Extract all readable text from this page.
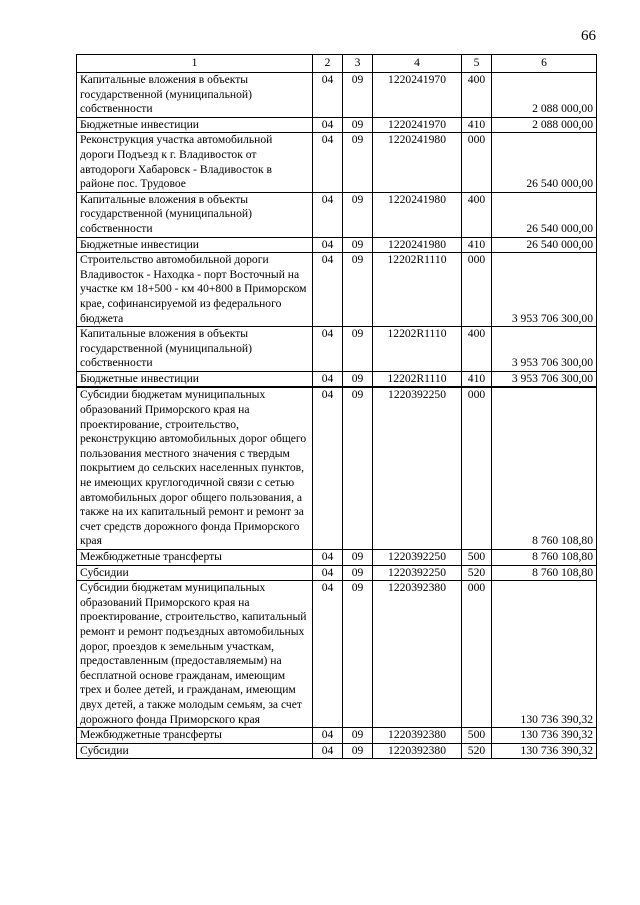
66
1	2	3	4	5	6
Капитальные вложения в объекты государственной (муниципальной) собственности	04	09	1220241970	400	2 088 000,00
Бюджетные инвестиции	04	09	1220241970	410	2 088 000,00
Реконструкция участка автомобильной дороги Подъезд к г. Владивосток от автодороги Хабаровск - Владивосток в районе пос. Трудовое	04	09	1220241980	000	26 540 000,00
Капитальные вложения в объекты государственной (муниципальной) собственности	04	09	1220241980	400	26 540 000,00
Бюджетные инвестиции	04	09	1220241980	410	26 540 000,00
Строительство автомобильной дороги Владивосток - Находка - порт Восточный на участке км 18+500 - км 40+800 в Приморском крае, софинансируемой из федерального бюджета	04	09	12202R1110	000	3 953 706 300,00
Капитальные вложения в объекты государственной (муниципальной) собственности	04	09	12202R1110	400	3 953 706 300,00
Бюджетные инвестиции	04	09	12202R1110	410	3 953 706 300,00
Субсидии бюджетам муниципальных образований Приморского края на проектирование, строительство, реконструкцию автомобильных дорог общего пользования местного значения с твердым покрытием до сельских населенных пунктов, не имеющих круглогодичной связи с сетью автомобильных дорог общего пользования, а также на их капитальный ремонт и ремонт за счет средств дорожного фонда Приморского края	04	09	1220392250	000	8 760 108,80
Межбюджетные трансферты	04	09	1220392250	500	8 760 108,80
Субсидии	04	09	1220392250	520	8 760 108,80
Субсидии бюджетам муниципальных образований Приморского края на проектирование, строительство, капитальный ремонт и ремонт подъездных автомобильных дорог, проездов к земельным участкам, предоставленным (предоставляемым) на бесплатной основе гражданам, имеющим трех и более детей, и гражданам, имеющим двух детей, а также молодым семьям, за счет дорожного фонда Приморского края	04	09	1220392380	000	130 736 390,32
Межбюджетные трансферты	04	09	1220392380	500	130 736 390,32
Субсидии	04	09	1220392380	520	130 736 390,32
